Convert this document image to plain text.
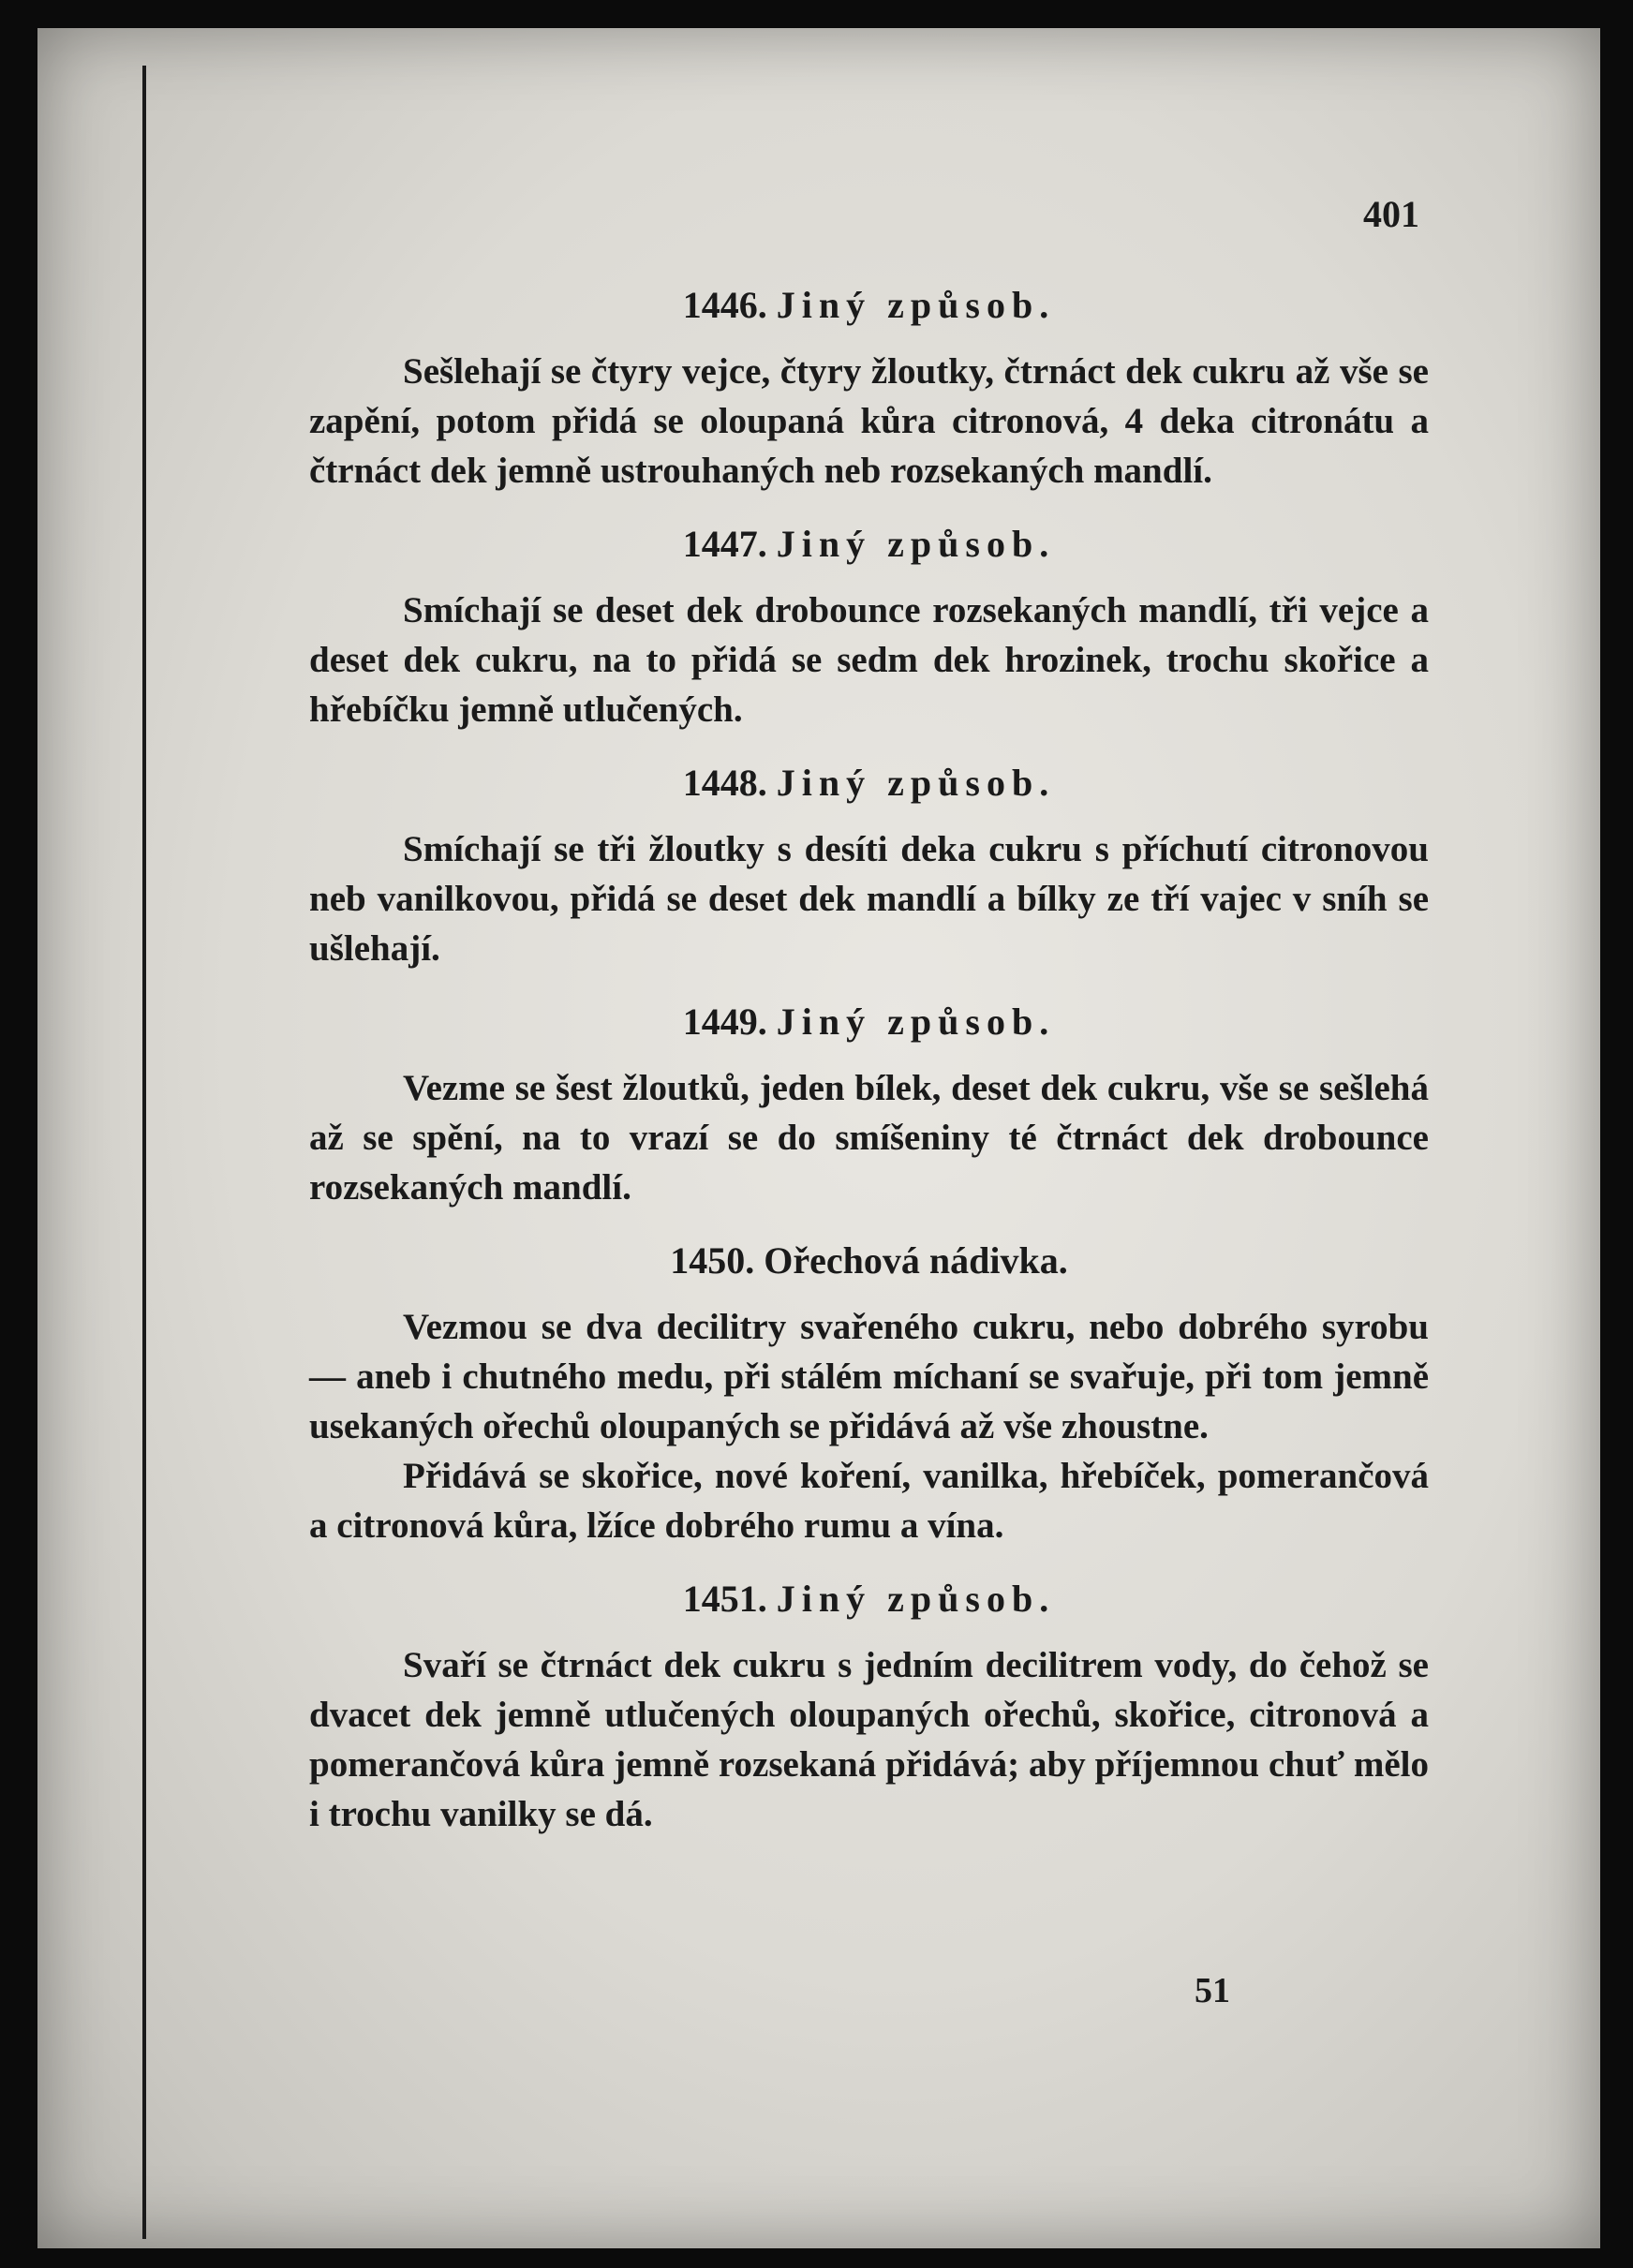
401
1446. Jiný způsob.

Sešlehají se čtyry vejce, čtyry žloutky, čtrnáct dek cukru až vše se zapění, potom přidá se oloupaná kůra citronová, 4 deka citronátu a čtrnáct dek jemně ustrouhaných neb rozsekaných mandlí.

1447. Jiný způsob.

Smíchají se deset dek drobounce rozsekaných mandlí, tři vejce a deset dek cukru, na to přidá se sedm dek hrozinek, trochu skořice a hřebíčku jemně utlučených.

1448. Jiný způsob.

Smíchají se tři žloutky s desíti deka cukru s příchutí citronovou neb vanilkovou, přidá se deset dek mandlí a bílky ze tří vajec v sníh se ušlehají.

1449. Jiný způsob.

Vezme se šest žloutků, jeden bílek, deset dek cukru, vše se sešlehá až se spění, na to vrazí se do smíšeniny té čtrnáct dek drobounce rozsekaných mandlí.

1450. Ořechová nádivka.

Vezmou se dva decilitry svařeného cukru, nebo dobrého syrobu — aneb i chutného medu, při stálém míchaní se svařuje, při tom jemně usekaných ořechů oloupaných se přidává až vše zhoustne.

Přidává se skořice, nové koření, vanilka, hřebíček, pomerančová a citronová kůra, lžíce dobrého rumu a vína.

1451. Jiný způsob.

Svaří se čtrnáct dek cukru s jedním decilitrem vody, do čehož se dvacet dek jemně utlučených oloupaných ořechů, skořice, citronová a pomerančová kůra jemně rozsekaná přidává; aby příjemnou chuť mělo i trochu vanilky se dá.

51
